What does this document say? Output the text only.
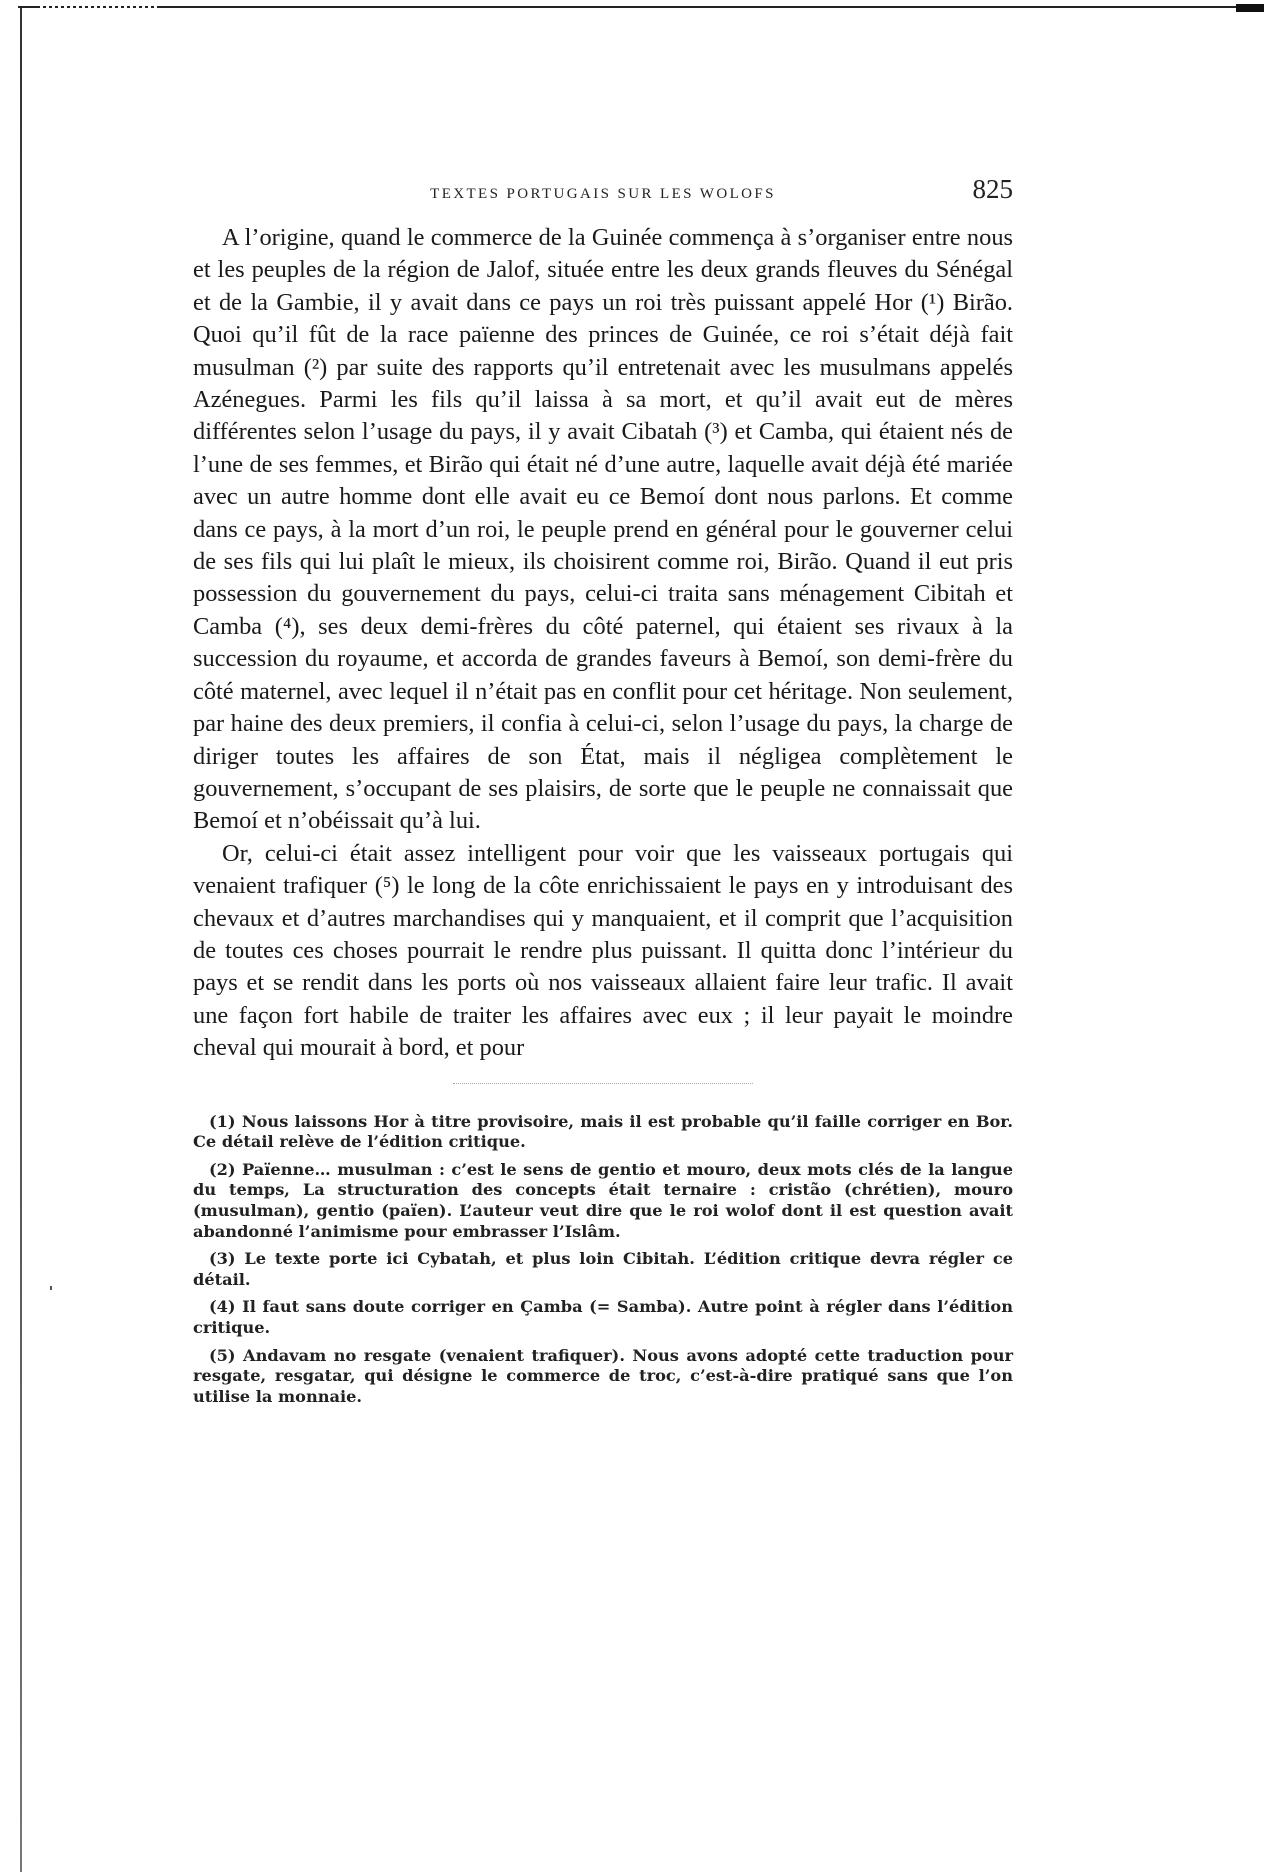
TEXTES PORTUGAIS SUR LES WOLOFS	825

A l’origine, quand le commerce de la Guinée commença à s’organiser entre nous et les peuples de la région de Jalof, située entre les deux grands fleuves du Sénégal et de la Gambie, il y avait dans ce pays un roi très puissant appelé Hor (¹) Birão. Quoi qu’il fût de la race païenne des princes de Guinée, ce roi s’était déjà fait musulman (²) par suite des rapports qu’il entretenait avec les musulmans appelés Azénegues. Parmi les fils qu’il laissa à sa mort, et qu’il avait eut de mères différentes selon l’usage du pays, il y avait Cibatah (³) et Camba, qui étaient nés de l’une de ses femmes, et Birão qui était né d’une autre, laquelle avait déjà été mariée avec un autre homme dont elle avait eu ce Bemoí dont nous parlons. Et comme dans ce pays, à la mort d’un roi, le peuple prend en général pour le gouverner celui de ses fils qui lui plaît le mieux, ils choisirent comme roi, Birão. Quand il eut pris possession du gouvernement du pays, celui-ci traita sans ménagement Cibitah et Camba (⁴), ses deux demi-frères du côté paternel, qui étaient ses rivaux à la succession du royaume, et accorda de grandes faveurs à Bemoí, son demi-frère du côté maternel, avec lequel il n’était pas en conflit pour cet héritage. Non seulement, par haine des deux premiers, il confia à celui-ci, selon l’usage du pays, la charge de diriger toutes les affaires de son État, mais il négligea complètement le gouvernement, s’occupant de ses plaisirs, de sorte que le peuple ne connaissait que Bemoí et n’obéissait qu’à lui.

Or, celui-ci était assez intelligent pour voir que les vaisseaux portugais qui venaient trafiquer (⁵) le long de la côte enrichissaient le pays en y introduisant des chevaux et d’autres marchandises qui y manquaient, et il comprit que l’acquisition de toutes ces choses pourrait le rendre plus puissant. Il quitta donc l’intérieur du pays et se rendit dans les ports où nos vaisseaux allaient faire leur trafic. Il avait une façon fort habile de traiter les affaires avec eux ; il leur payait le moindre cheval qui mourait à bord, et pour

(1) Nous laissons Hor à titre provisoire, mais il est probable qu’il faille corriger en Bor. Ce détail relève de l’édition critique.

(2) Païenne… musulman : c’est le sens de gentio et mouro, deux mots clés de la langue du temps, La structuration des concepts était ternaire : cristão (chrétien), mouro (musulman), gentio (païen). L’auteur veut dire que le roi wolof dont il est question avait abandonné l’animisme pour embrasser l’Islâm.

(3) Le texte porte ici Cybatah, et plus loin Cibitah. L’édition critique devra régler ce détail.

(4) Il faut sans doute corriger en Çamba (= Samba). Autre point à régler dans l’édition critique.

(5) Andavam no resgate (venaient trafiquer). Nous avons adopté cette traduction pour resgate, resgatar, qui désigne le commerce de troc, c’est-à-dire pratiqué sans que l’on utilise la monnaie.
